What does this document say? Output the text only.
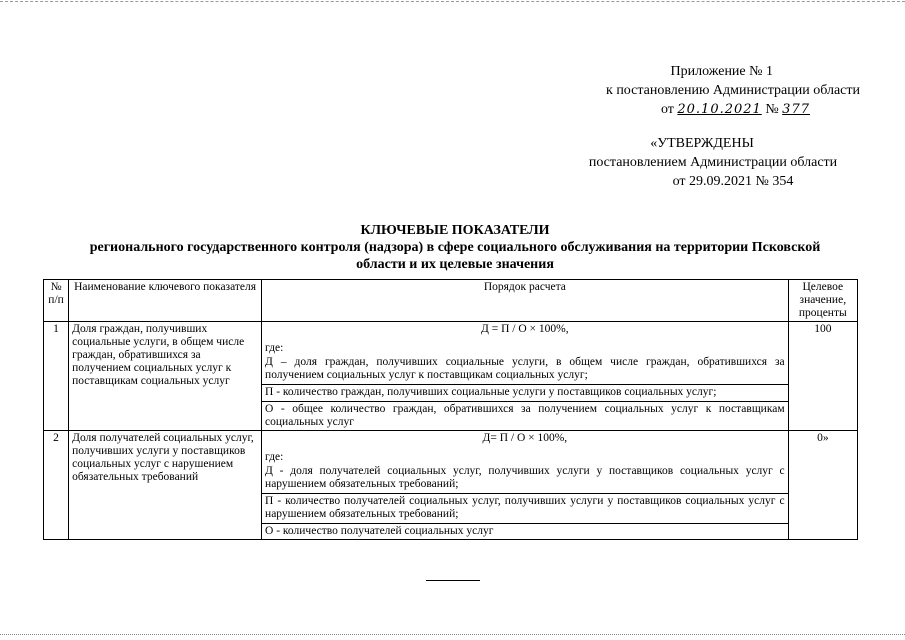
Приложение № 1
к постановлению Администрации области
от 20.10.2021 № 377
«УТВЕРЖДЕНЫ
постановлением Администрации области
от 29.09.2021 № 354
КЛЮЧЕВЫЕ ПОКАЗАТЕЛИ
регионального государственного контроля (надзора) в сфере социального обслуживания на территории Псковской
области и их целевые значения
№ п/п	Наименование ключевого показателя	Порядок расчета	Целевое значение, проценты
1	Доля граждан, получивших социальные услуги, в общем числе граждан, обратившихся за получением социальных услуг к поставщикам социальных услуг	Д = П / О × 100%,
где:
Д – доля граждан, получивших социальные услуги, в общем числе граждан, обратившихся за получением социальных услуг к поставщикам социальных услуг;
П - количество граждан, получивших социальные услуги у поставщиков социальных услуг;
О - общее количество граждан, обратившихся за получением социальных услуг к поставщикам социальных услуг	100
2	Доля получателей социальных услуг, получивших услуги у поставщиков социальных услуг с нарушением обязательных требований	Д= П / О × 100%,
где:
Д - доля получателей социальных услуг, получивших услуги у поставщиков социальных услуг с нарушением обязательных требований;
П - количество получателей социальных услуг, получивших услуги у поставщиков социальных услуг с нарушением обязательных требований;
О - количество получателей социальных услуг	0»
